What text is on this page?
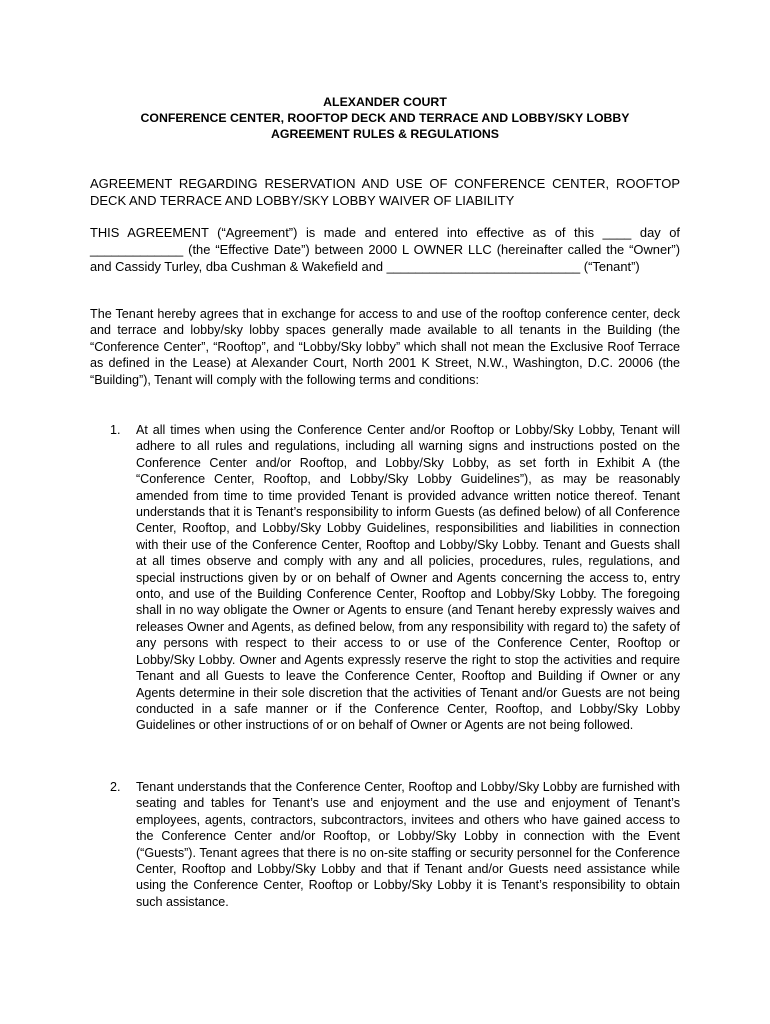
ALEXANDER COURT
CONFERENCE CENTER, ROOFTOP DECK AND TERRACE AND LOBBY/SKY LOBBY
AGREEMENT RULES & REGULATIONS
AGREEMENT REGARDING RESERVATION AND USE OF CONFERENCE CENTER, ROOFTOP DECK AND TERRACE AND LOBBY/SKY LOBBY WAIVER OF LIABILITY

THIS AGREEMENT (“Agreement”) is made and entered into effective as of this ____ day of _____________ (the “Effective Date”) between 2000 L OWNER LLC (hereinafter called the “Owner”) and Cassidy Turley, dba Cushman & Wakefield and ___________________________ (“Tenant”)

The Tenant hereby agrees that in exchange for access to and use of the rooftop conference center, deck and terrace and lobby/sky lobby spaces generally made available to all tenants in the Building (the “Conference Center”, “Rooftop”, and “Lobby/Sky lobby” which shall not mean the Exclusive Roof Terrace as defined in the Lease) at Alexander Court, North 2001 K Street, N.W., Washington, D.C. 20006 (the “Building”), Tenant will comply with the following terms and conditions:

1. At all times when using the Conference Center and/or Rooftop or Lobby/Sky Lobby, Tenant will adhere to all rules and regulations, including all warning signs and instructions posted on the Conference Center and/or Rooftop, and Lobby/Sky Lobby, as set forth in Exhibit A (the “Conference Center, Rooftop, and Lobby/Sky Lobby Guidelines”), as may be reasonably amended from time to time provided Tenant is provided advance written notice thereof. Tenant understands that it is Tenant’s responsibility to inform Guests (as defined below) of all Conference Center, Rooftop, and Lobby/Sky Lobby Guidelines, responsibilities and liabilities in connection with their use of the Conference Center, Rooftop and Lobby/Sky Lobby. Tenant and Guests shall at all times observe and comply with any and all policies, procedures, rules, regulations, and special instructions given by or on behalf of Owner and Agents concerning the access to, entry onto, and use of the Building Conference Center, Rooftop and Lobby/Sky Lobby. The foregoing shall in no way obligate the Owner or Agents to ensure (and Tenant hereby expressly waives and releases Owner and Agents, as defined below, from any responsibility with regard to) the safety of any persons with respect to their access to or use of the Conference Center, Rooftop or Lobby/Sky Lobby. Owner and Agents expressly reserve the right to stop the activities and require Tenant and all Guests to leave the Conference Center, Rooftop and Building if Owner or any Agents determine in their sole discretion that the activities of Tenant and/or Guests are not being conducted in a safe manner or if the Conference Center, Rooftop, and Lobby/Sky Lobby Guidelines or other instructions of or on behalf of Owner or Agents are not being followed.
2. Tenant understands that the Conference Center, Rooftop and Lobby/Sky Lobby are furnished with seating and tables for Tenant’s use and enjoyment and the use and enjoyment of Tenant’s employees, agents, contractors, subcontractors, invitees and others who have gained access to the Conference Center and/or Rooftop, or Lobby/Sky Lobby in connection with the Event (“Guests”). Tenant agrees that there is no on-site staffing or security personnel for the Conference Center, Rooftop and Lobby/Sky Lobby and that if Tenant and/or Guests need assistance while using the Conference Center, Rooftop or Lobby/Sky Lobby it is Tenant’s responsibility to obtain such assistance.
